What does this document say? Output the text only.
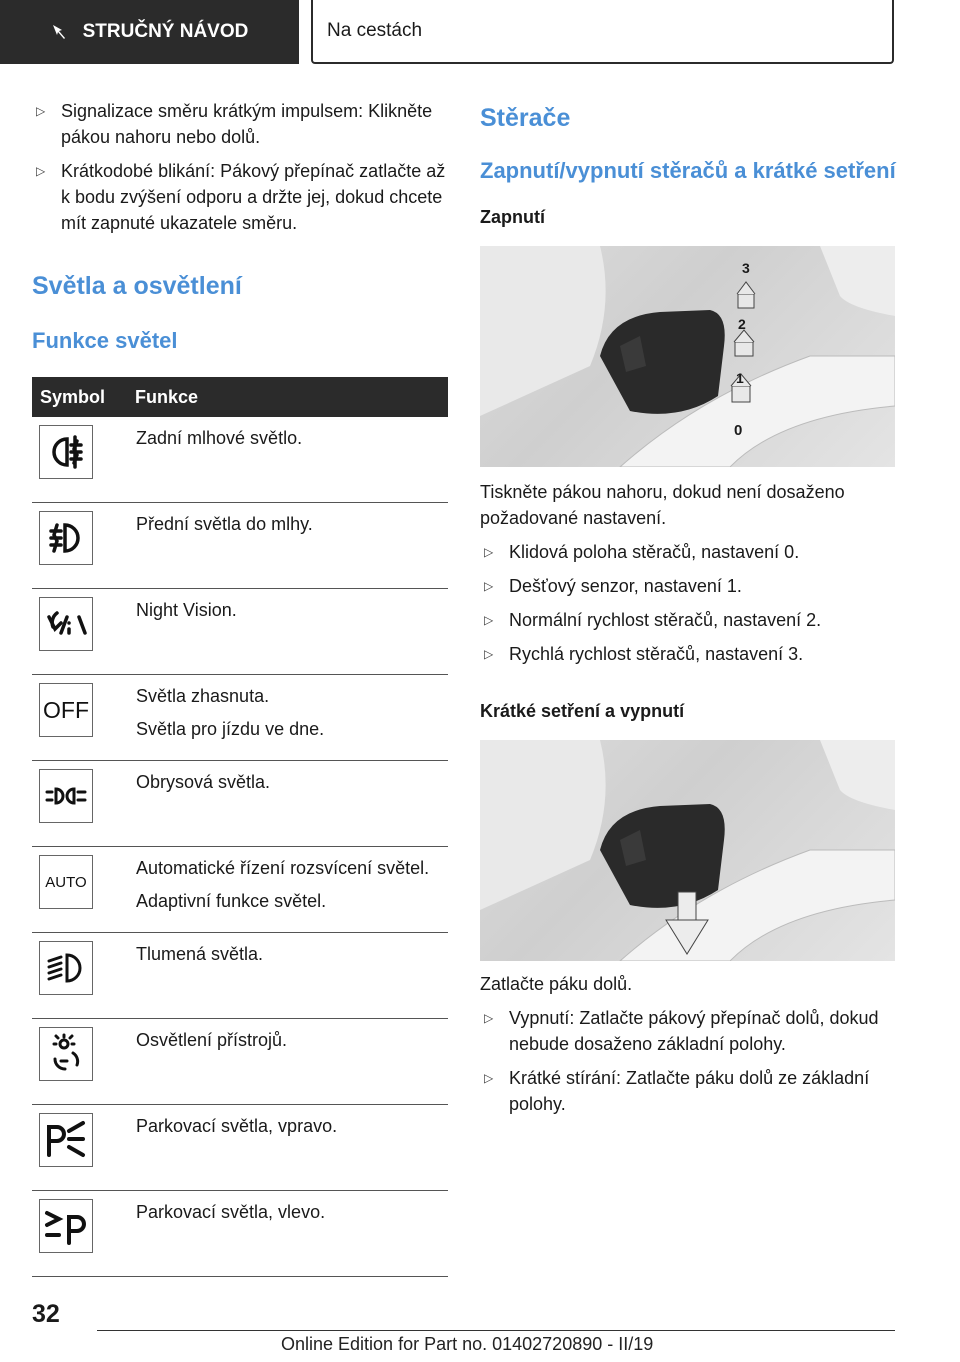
STRUČNÝ NÁVOD	Na cestách
▷ Signalizace směru krátkým impulsem: Klikněte pákou nahoru nebo dolů.
▷ Krátkodobé blikání: Pákový přepínač zatlačte až k bodu zvýšení odporu a držte jej, dokud chcete mít zapnuté ukazatele směru.
Světla a osvětlení
Funkce světel
Symbol	Funkce

Zadní mlhové světlo.

Přední světla do mlhy.

Night Vision.

OFF	Světla zhasnuta.
Světla pro jízdu ve dne.

Obrysová světla.

AUTO	Automatické řízení rozsvícení světel.
Adaptivní funkce světel.

Tlumená světla.

Osvětlení přístrojů.

Parkovací světla, vpravo.

Parkovací světla, vlevo.
Stěrače
Zapnutí/vypnutí stěračů a krátké setření
Zapnutí
3
2
1
0

Tiskněte pákou nahoru, dokud není dosaženo požadované nastavení.

▷ Klidová poloha stěračů, nastavení 0.
▷ Dešťový senzor, nastavení 1.
▷ Normální rychlost stěračů, nastavení 2.
▷ Rychlá rychlost stěračů, nastavení 3.
Krátké setření a vypnutí

Zatlačte páku dolů.

▷ Vypnutí: Zatlačte pákový přepínač dolů, dokud nebude dosaženo základní polohy.
▷ Krátké stírání: Zatlačte páku dolů ze základní polohy.
32
Online Edition for Part no. 01402720890 - II/19
